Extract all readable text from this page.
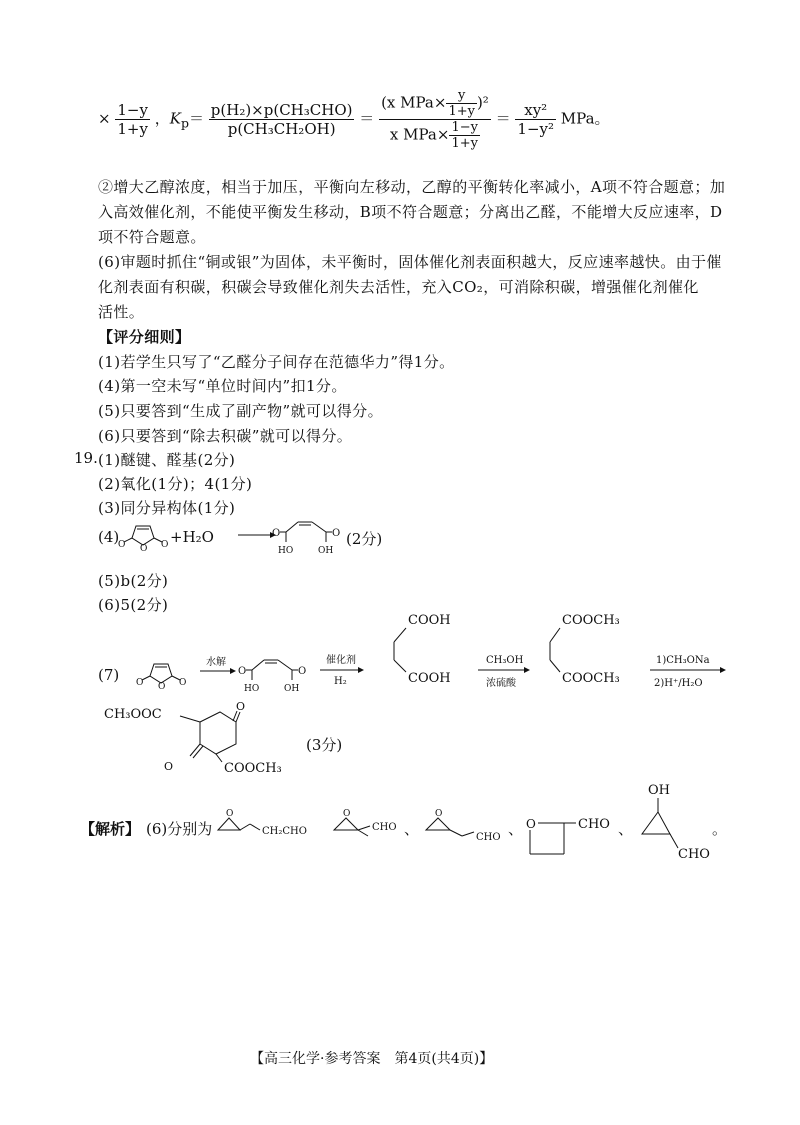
× $\frac{1-y}{1+y}$ ，$K_p= \frac{\text{p(H₂)×p(CH₃CHO)}}{\text{p(CH₃CH₂OH)}} = \frac{(x MPa\times \frac{y}{1+y} )^2}{x MPa\times \frac{1-y}{1+y}} = \frac{\text{xy²}}{\text{1−y²}}$ MPa。
②增大乙醇浓度，相当于加压，平衡向左移动，乙醇的平衡转化率减小，A项不符合题意；加
入高效催化剂，不能使平衡发生移动，B项不符合题意；分离出乙醛，不能增大反应速率，D
项不符合题意。
(6)审题时抓住“铜或银”为固体，未平衡时，固体催化剂表面积越大，反应速率越快。由于催
化剂表面有积碳，积碳会导致催化剂失去活性，充入CO₂，可消除积碳，增强催化剂催化
活性。
【评分细则】
(1)若学生只写了“乙醛分子间存在范德华力”得1分。
(4)第一空未写“单位时间内”扣1分。
(5)只要答到“生成了副产物”就可以得分。
(6)只要答到“除去积碳”就可以得分。
19. (1)醚键、醛基(2分)
(2)氧化(1分)；4(1分)
(3)同分异构体(1分)
(4)
O O O +H₂O	O	O
HO	OH
(2分)
(5)b(2分)
(6)5(2分)
(7) O O O
水解
O	O
HO	OH
催化剂
H₂
COOH
COOH
CH₃OH
浓硫酸
COOCH₃
COOCH₃
1)CH₃ONa
2)H⁺/H₂O
CH₃OOC
O
O	COOCH₃
(3分)
【解析】 (6)分别为
O
CH₂CHO
O
CHO 、
O
CHO 、 O	CHO 、
OH
CHO
。
【高三化学·参考答案　第4页(共4页)】
